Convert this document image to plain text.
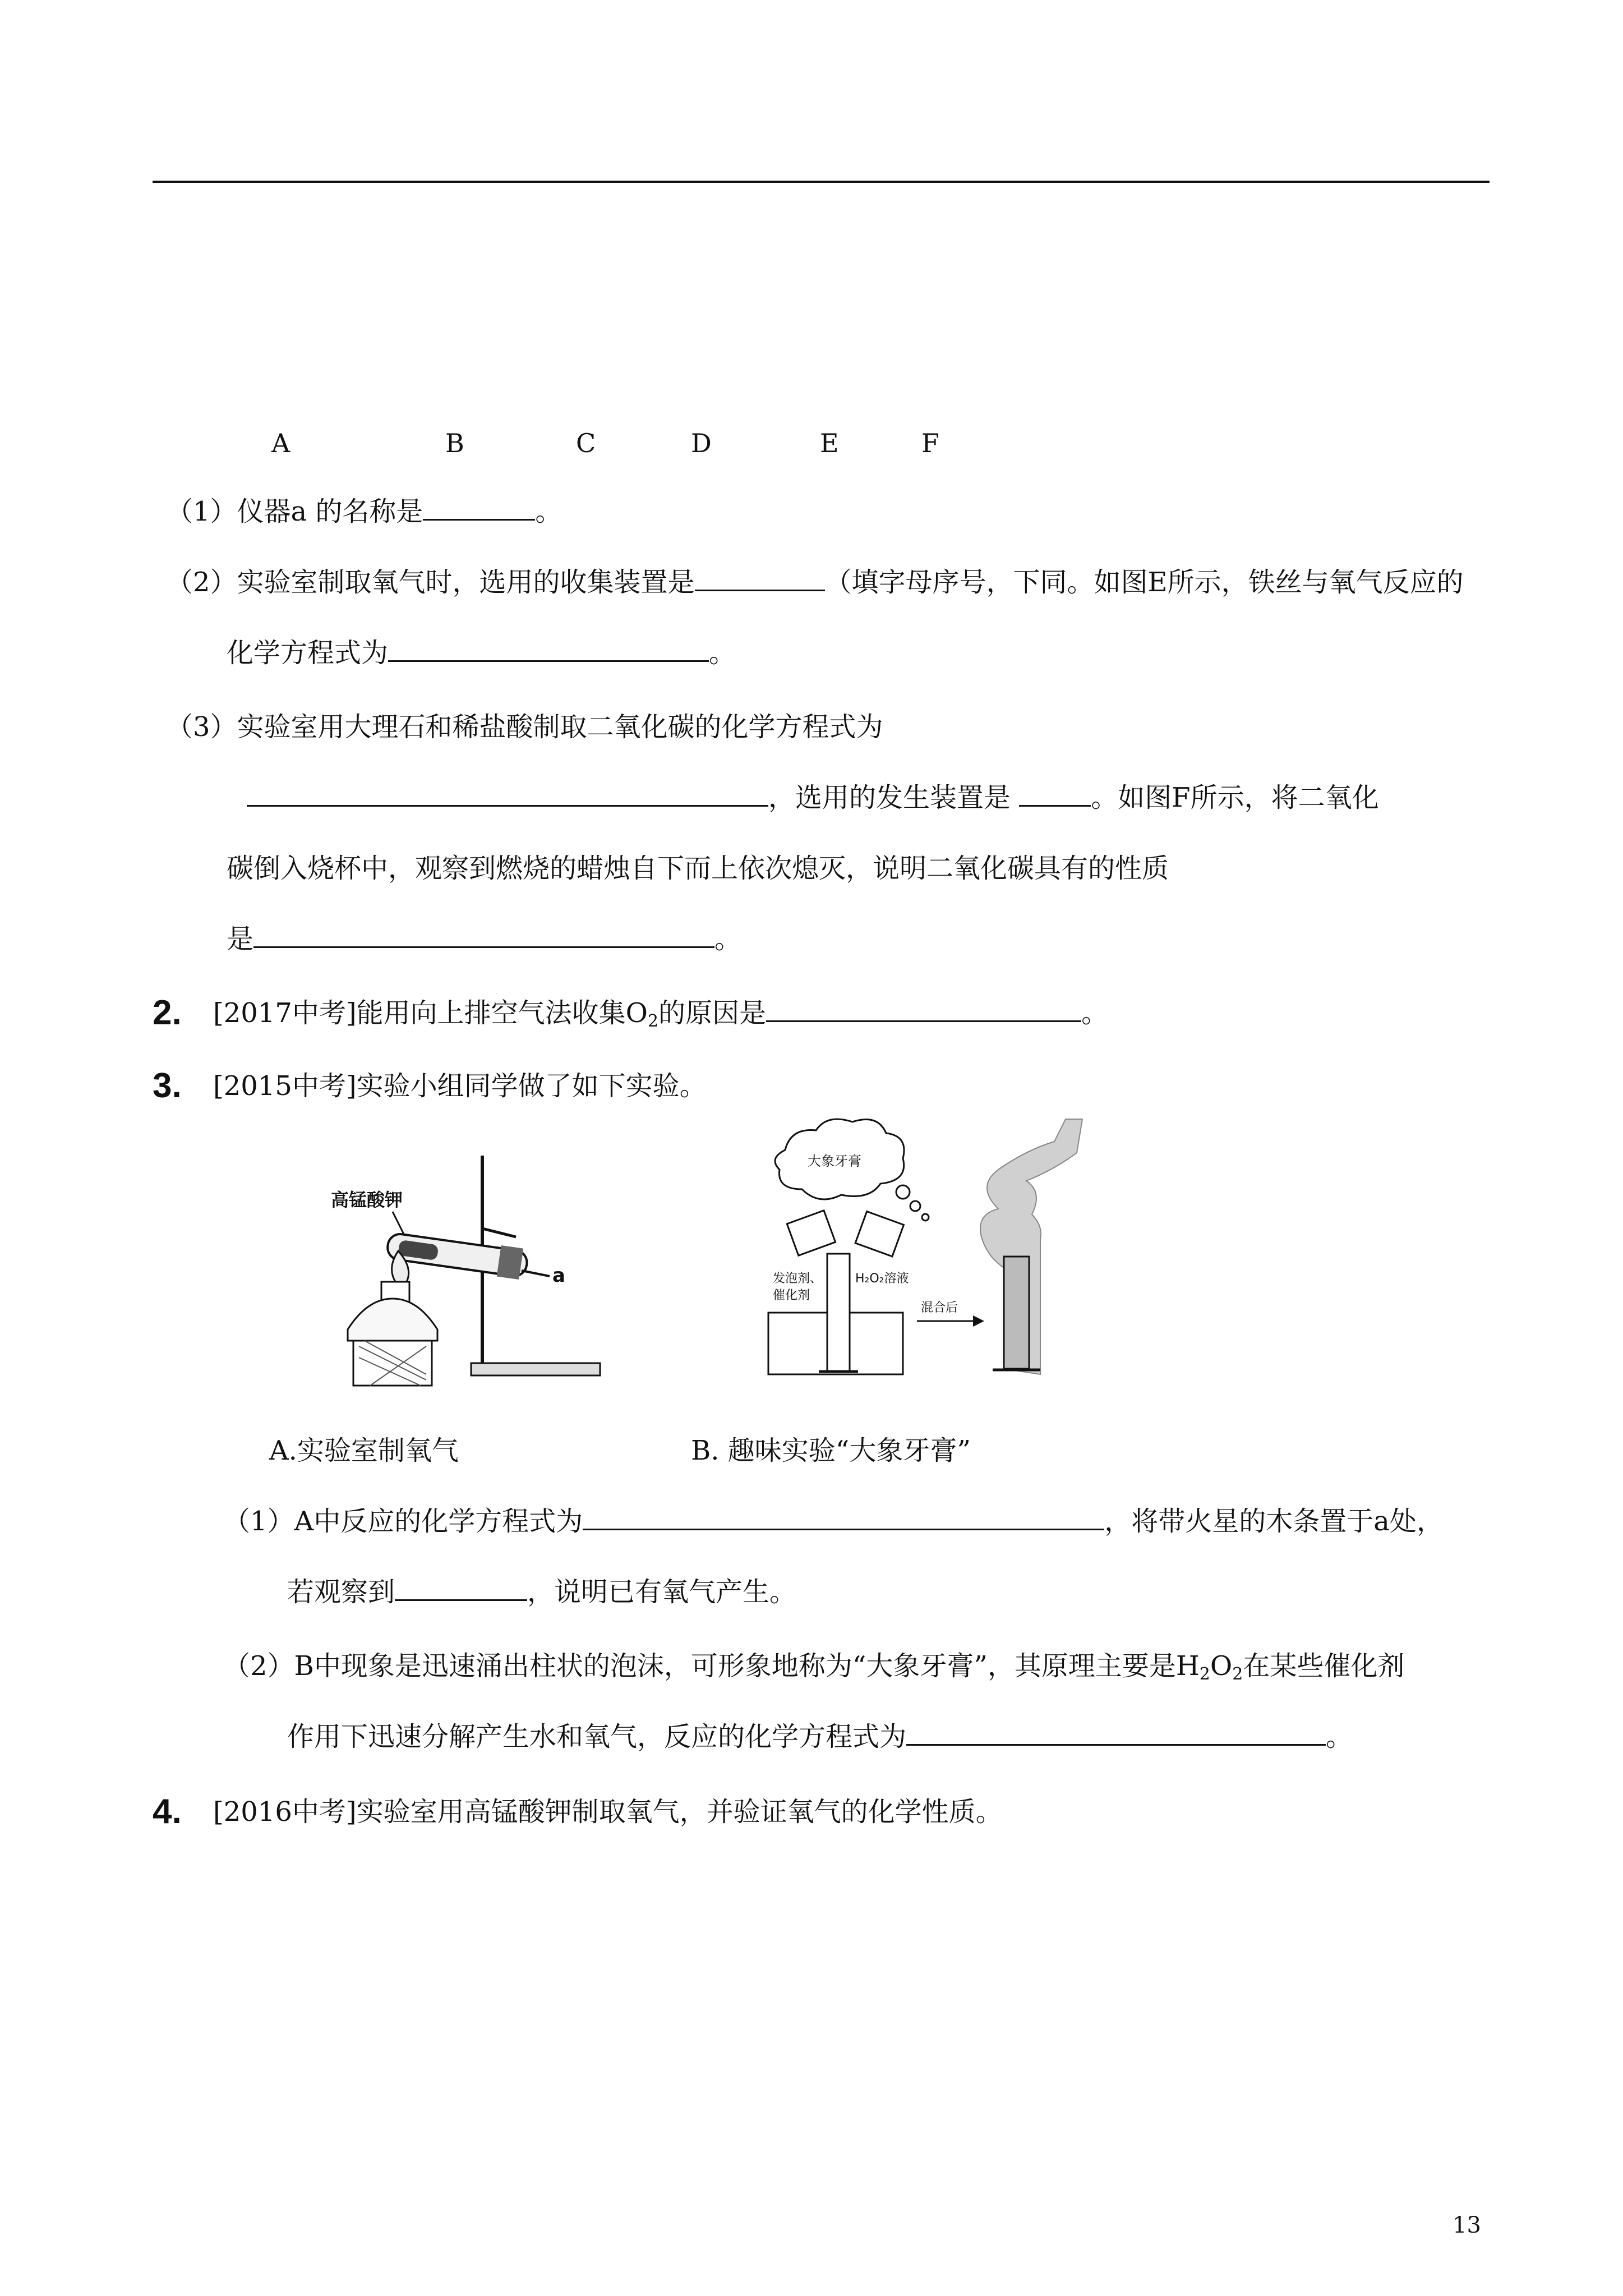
A	B	C	D	E	F
（1）仪器a 的名称是	。
（2）实验室制取氧气时，选用的收集装置是	（填字母序号，下同。如图E所示，铁丝与氧气反应的
化学方程式为	。
（3）实验室用大理石和稀盐酸制取二氧化碳的化学方程式为
，选用的发生装置是	。如图F所示，将二氧化
碳倒入烧杯中，观察到燃烧的蜡烛自下而上依次熄灭，说明二氧化碳具有的性质
是	。
2. [2017中考]能用向上排空气法收集$O_2$的原因是	。
3. [2015中考]实验小组同学做了如下实验。
高锰酸钾
a
大象牙膏
发泡剂、
催化剂
H₂O₂溶液
混合后
A.实验室制氧气	B. 趣味实验“大象牙膏”
（1）A中反应的化学方程式为	，将带火星的木条置于a处，
若观察到	，说明已有氧气产生。
（2）B中现象是迅速涌出柱状的泡沫，可形象地称为“大象牙膏”，其原理主要是$H_2O_2$在某些催化剂
作用下迅速分解产生水和氧气，反应的化学方程式为	。
4. [2016中考]实验室用高锰酸钾制取氧气，并验证氧气的化学性质。
13
